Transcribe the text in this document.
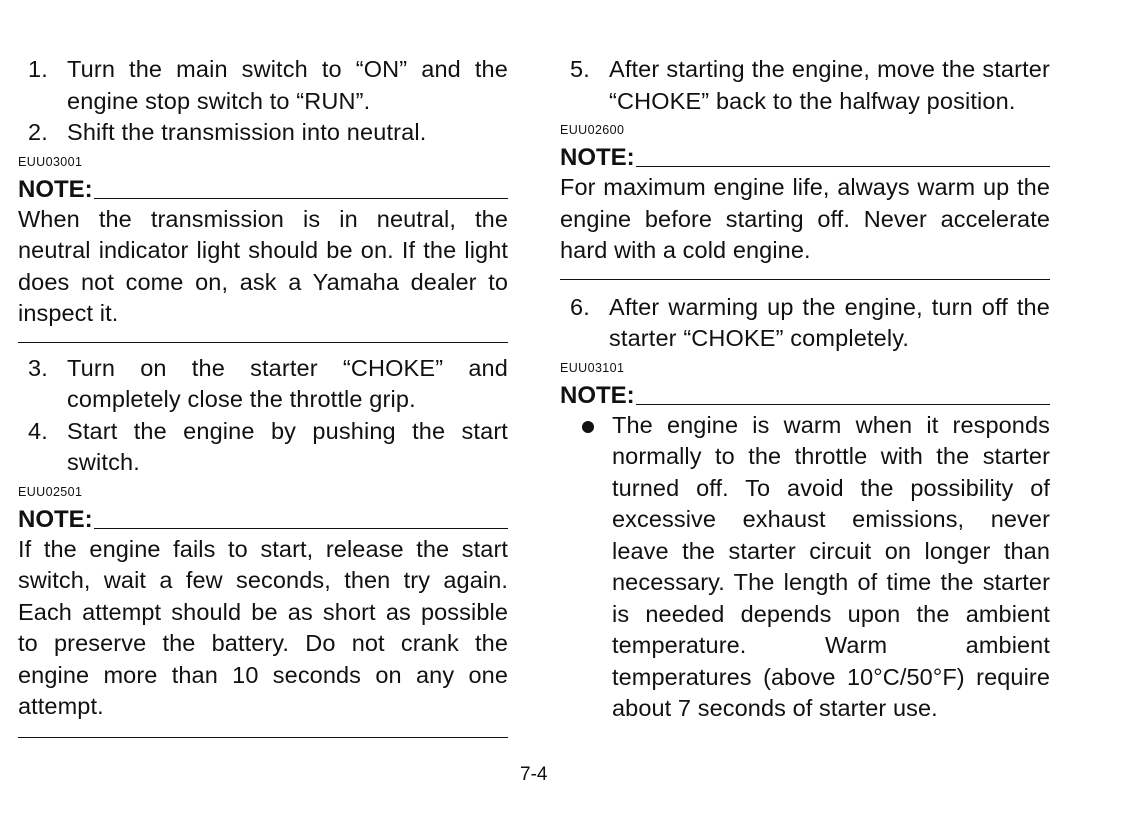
1. Turn the main switch to “ON” and the engine stop switch to “RUN”.
2. Shift the transmission into neutral.
EUU03001
NOTE:

When the transmission is in neutral, the neutral indicator light should be on. If the light does not come on, ask a Yamaha dealer to inspect it.

3. Turn on the starter “CHOKE” and completely close the throttle grip.
4. Start the engine by pushing the start switch.
EUU02501
NOTE:

If the engine fails to start, release the start switch, wait a few seconds, then try again. Each attempt should be as short as possible to preserve the battery. Do not crank the engine more than 10 seconds on any one attempt.

5. After starting the engine, move the starter “CHOKE” back to the halfway position.
EUU02600
NOTE:

For maximum engine life, always warm up the engine before starting off. Never accelerate hard with a cold engine.

6. After warming up the engine, turn off the starter “CHOKE” completely.
EUU03101
NOTE:
The engine is warm when it responds normally to the throttle with the starter turned off. To avoid the possibility of excessive exhaust emissions, never leave the starter circuit on longer than necessary. The length of time the starter is needed depends upon the ambient temperature. Warm ambient temperatures (above 10°C/50°F) require about 7 seconds of starter use.
7-4
